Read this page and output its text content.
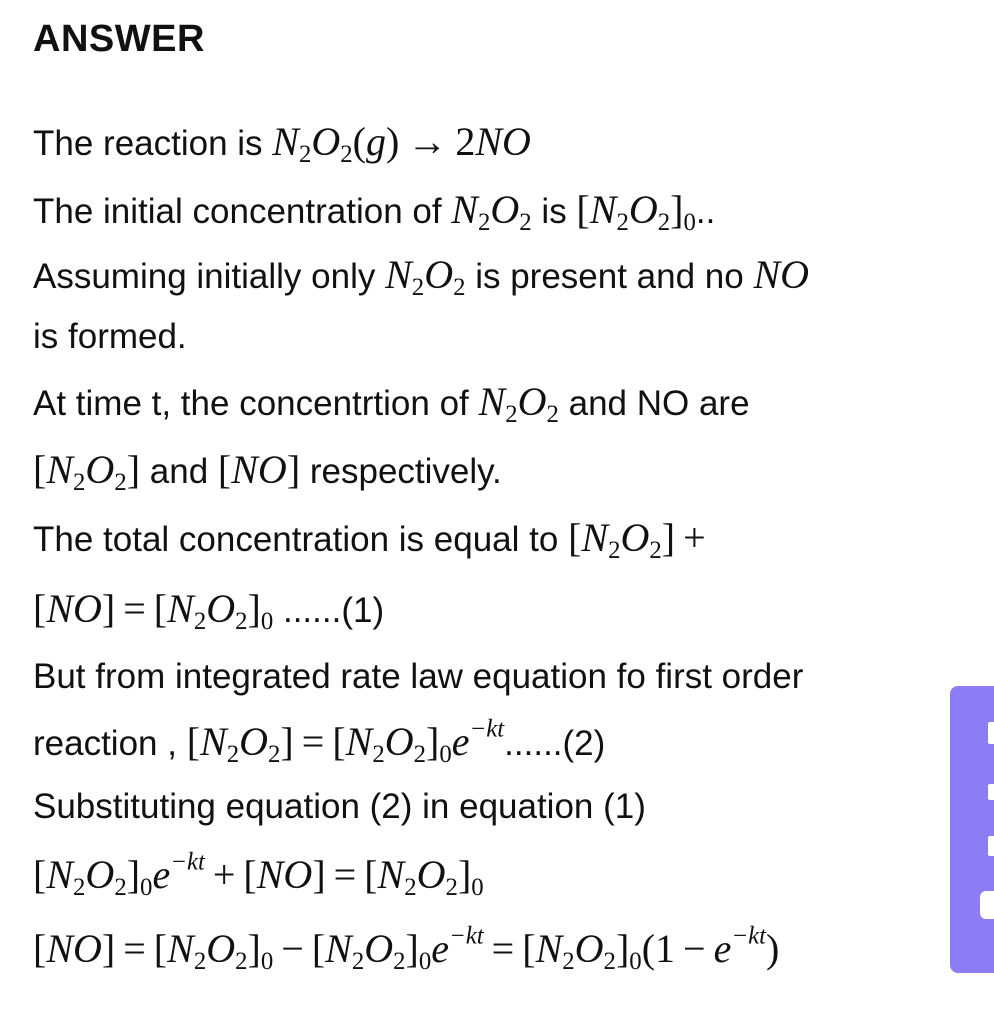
ANSWER
The reaction is $N_2O_2(g) \to 2NO$
The initial concentration of $N_2O_2$ is $[N_2O_2]_0$..
Assuming initially only $N_2O_2$ is present and no NO
is formed.
At time t, the concentrtion of $N_2O_2$ and NO are
$[N_2O_2]$ and [NO] respectively.
The total concentration is equal to $[N_2O_2]$ +
$[NO] = [N_2O_2]_0$ ......(1)
But from integrated rate law equation fo first order
reaction , $[N_2O_2] = [N_2O_2]_0e^{-kt}......(2)$
Substituting equation (2) in equation (1)
$[N_2O_2]_0e^{-kt} + [NO] = [N_2O_2]_0$
$[NO] = [N_2O_2]_0 - [N_2O_2]_0e^{-kt} = [N_2O_2]_0(1 - e^{-kt})$
